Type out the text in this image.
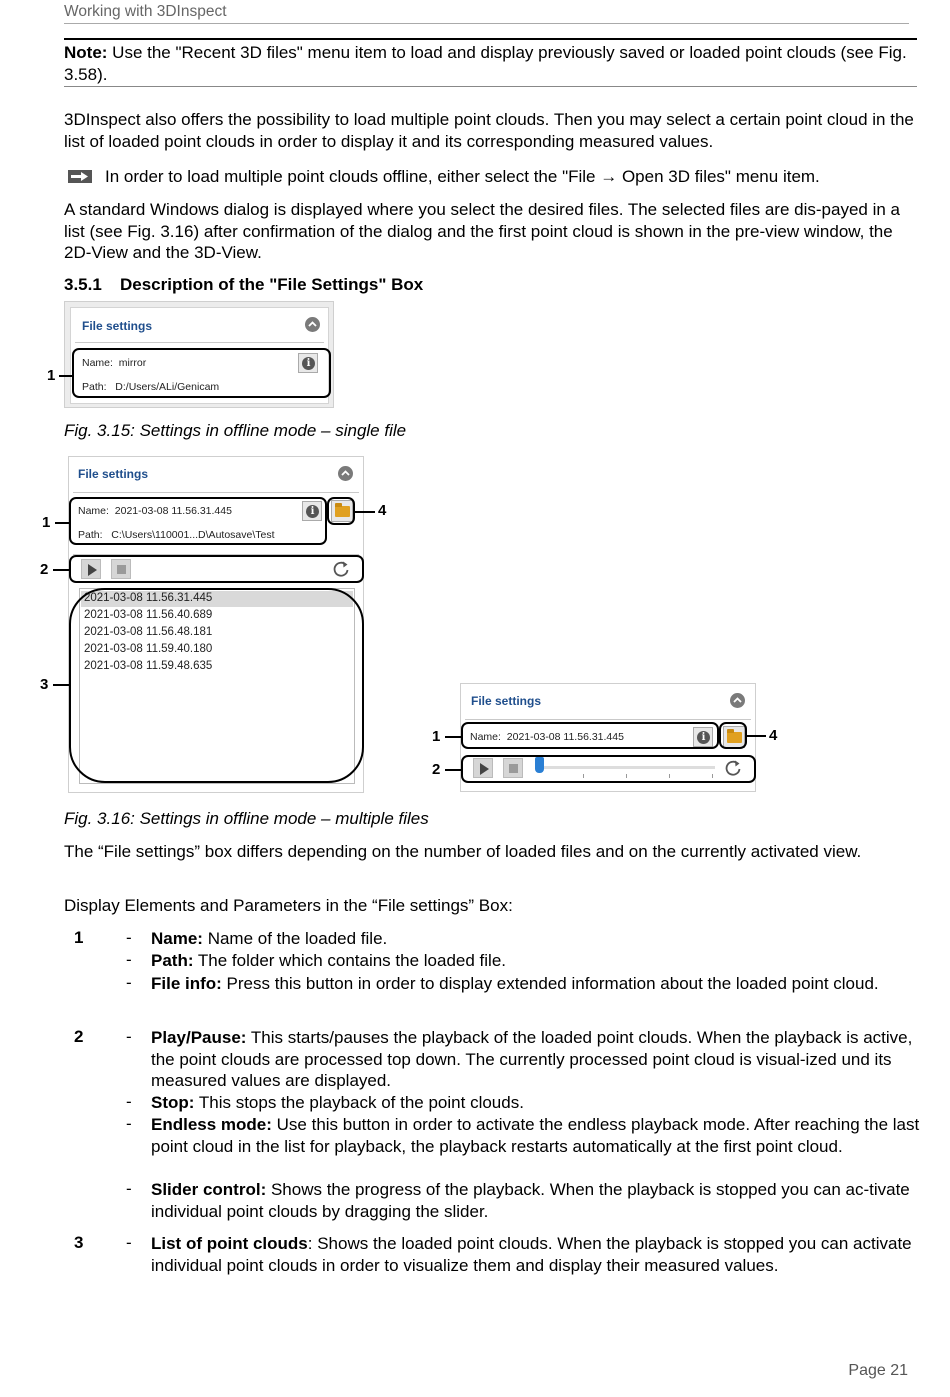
Working with 3DInspect
Note: Use the "Recent 3D files" menu item to load and display previously saved or loaded point clouds (see Fig. 3.58).
3DInspect also offers the possibility to load multiple point clouds. Then you may select a certain point cloud in the list of loaded point clouds in order to display it and its corresponding measured values.
In order to load multiple point clouds offline, either select the "File → Open 3D files" menu item.
A standard Windows dialog is displayed where you select the desired files. The selected files are dis-payed in a list (see Fig. 3.16) after confirmation of the dialog and the first point cloud is shown in the pre-view window, the 2D-View and the 3D-View.
3.5.1 Description of the "File Settings" Box
File settings
Name: mirror
Path: D:/Users/ALi/Genicam
i
1
Fig. 3.15: Settings in offline mode – single file
File settings
Name: 2021-03-08 11.56.31.445
Path: C:\Users\110001...D\Autosave\Test
i
2021-03-08 11.56.31.445
2021-03-08 11.56.40.689
2021-03-08 11.56.48.181
2021-03-08 11.59.40.180
2021-03-08 11.59.48.635
1
2
3
4
File settings
Name: 2021-03-08 11.56.31.445	i
1
2
4
Fig. 3.16: Settings in offline mode – multiple files
The “File settings” box differs depending on the number of loaded files and on the currently activated view.
Display Elements and Parameters in the “File settings” Box:
1	- Name: Name of the loaded file.
- Path: The folder which contains the loaded file.
- File info: Press this button in order to display extended information about the loaded point cloud.
2	- Play/Pause: This starts/pauses the playback of the loaded point clouds. When the playback is active, the point clouds are processed top down. The currently processed point cloud is visual-ized und its measured values are displayed.
- Stop: This stops the playback of the point clouds.
- Endless mode: Use this button in order to activate the endless playback mode. After reaching the last point cloud in the list for playback, the playback restarts automatically at the first point cloud.
- Slider control: Shows the progress of the playback. When the playback is stopped you can ac-tivate individual point clouds by dragging the slider.
3	- List of point clouds: Shows the loaded point clouds. When the playback is stopped you can activate individual point clouds in order to visualize them and display their measured values.
Page 21
